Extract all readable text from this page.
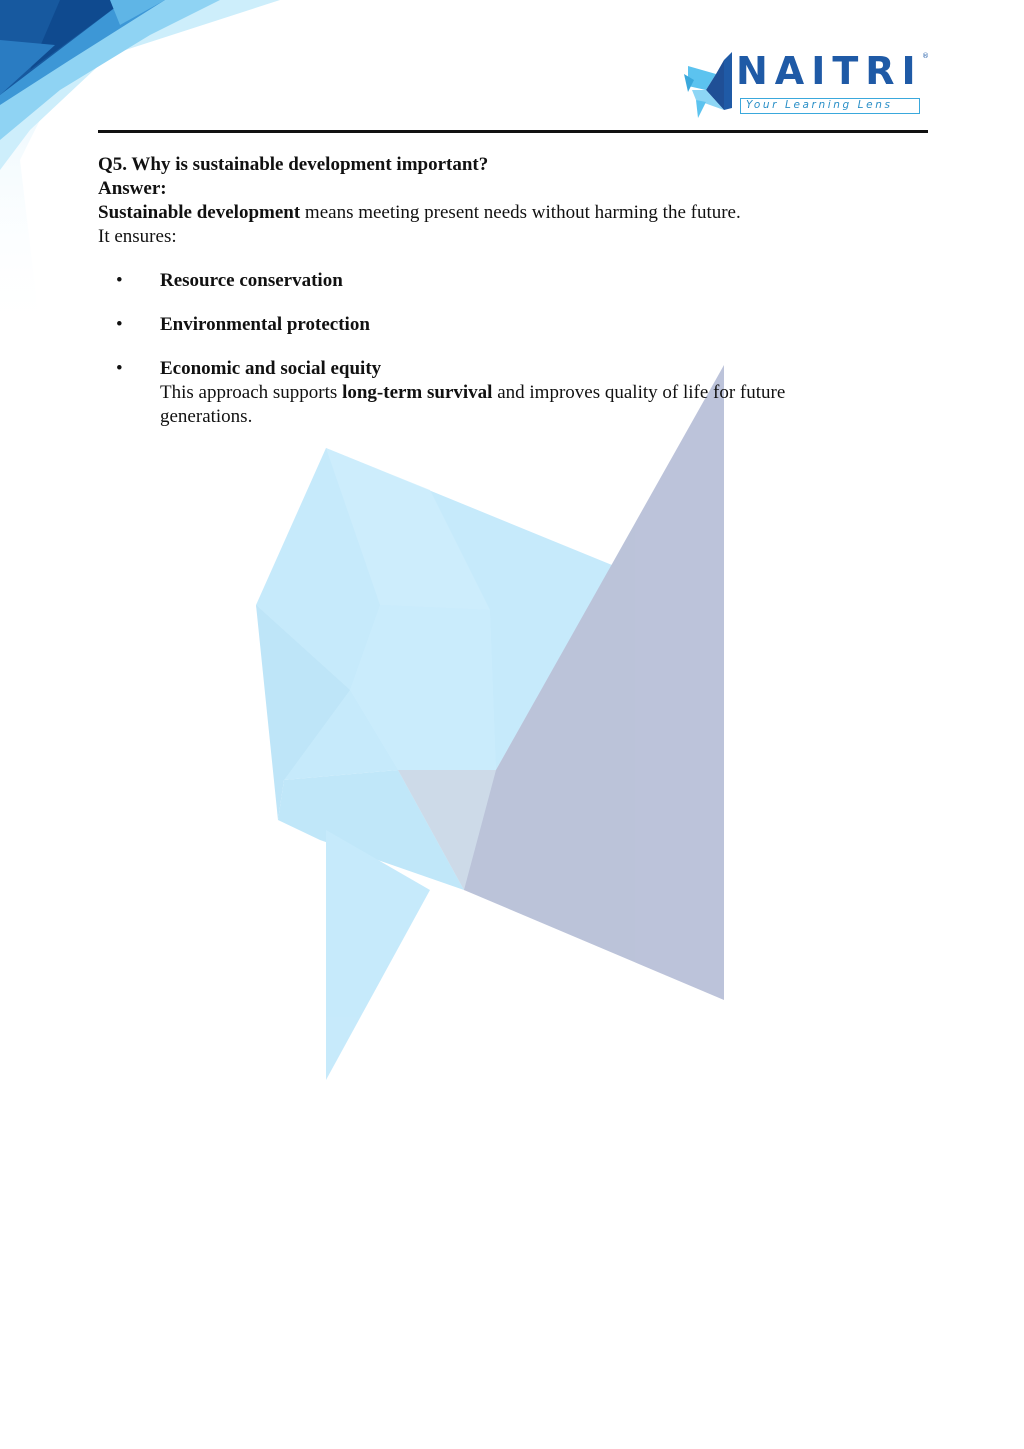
NAITRI ®
Your Learning Lens

Q5. Why is sustainable development important?

Answer:

Sustainable development means meeting present needs without harming the future.

It ensures:

• Resource conservation
• Environmental protection
• Economic and social equity
This approach supports long-term survival and improves quality of life for future generations.
